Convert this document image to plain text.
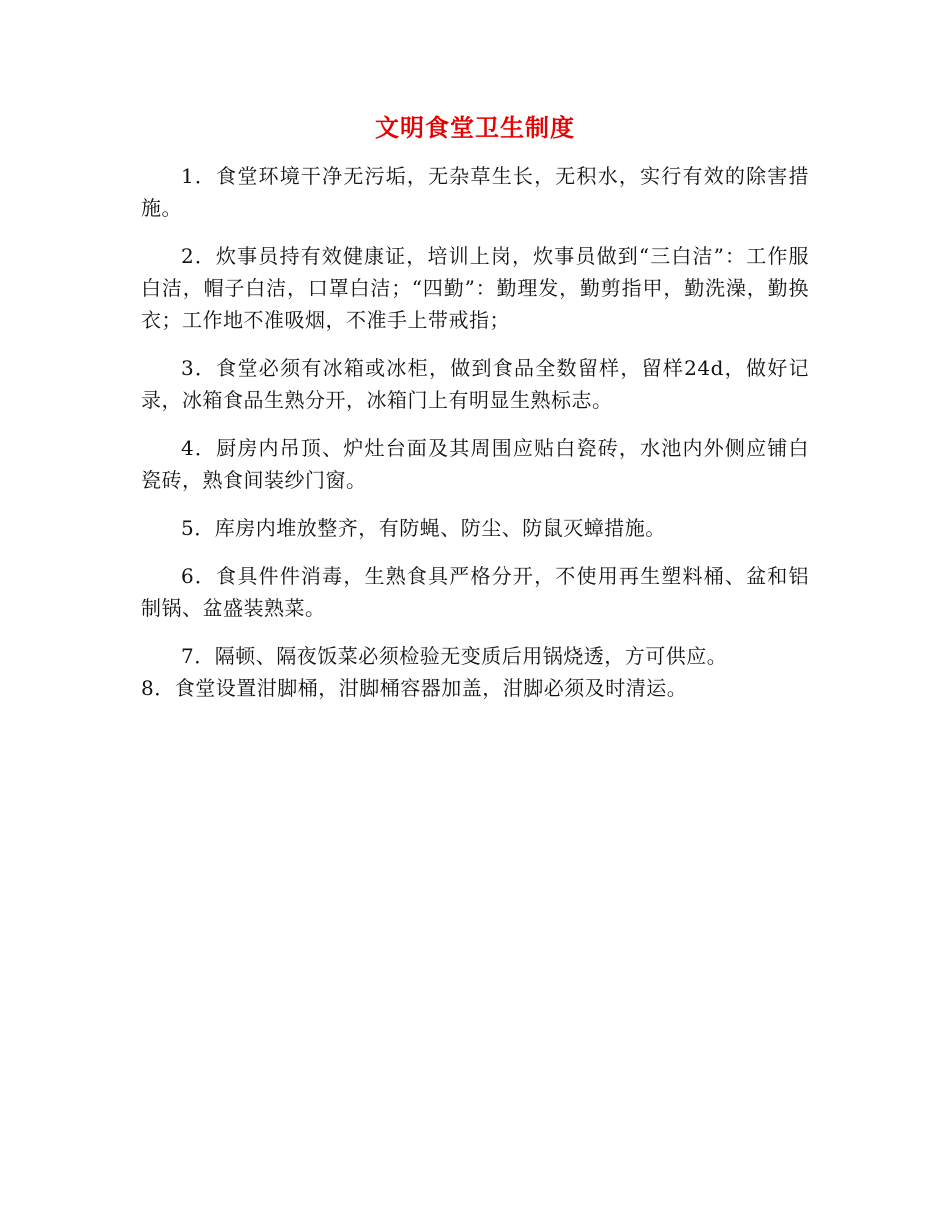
文明食堂卫生制度

1．食堂环境干净无污垢，无杂草生长，无积水，实行有效的除害措施。

2．炊事员持有效健康证，培训上岗，炊事员做到“三白洁”：工作服白洁，帽子白洁，口罩白洁；“四勤”：勤理发，勤剪指甲，勤洗澡，勤换衣；工作地不准吸烟，不准手上带戒指；

3．食堂必须有冰箱或冰柜，做到食品全数留样，留样24d，做好记录，冰箱食品生熟分开，冰箱门上有明显生熟标志。

4．厨房内吊顶、炉灶台面及其周围应贴白瓷砖，水池内外侧应铺白瓷砖，熟食间装纱门窗。

5．库房内堆放整齐，有防蝇、防尘、防鼠灭蟑措施。

6．食具件件消毒，生熟食具严格分开，不使用再生塑料桶、盆和铝制锅、盆盛装熟菜。

7．隔顿、隔夜饭菜必须检验无变质后用锅烧透，方可供应。

8．食堂设置泔脚桶，泔脚桶容器加盖，泔脚必须及时清运。
